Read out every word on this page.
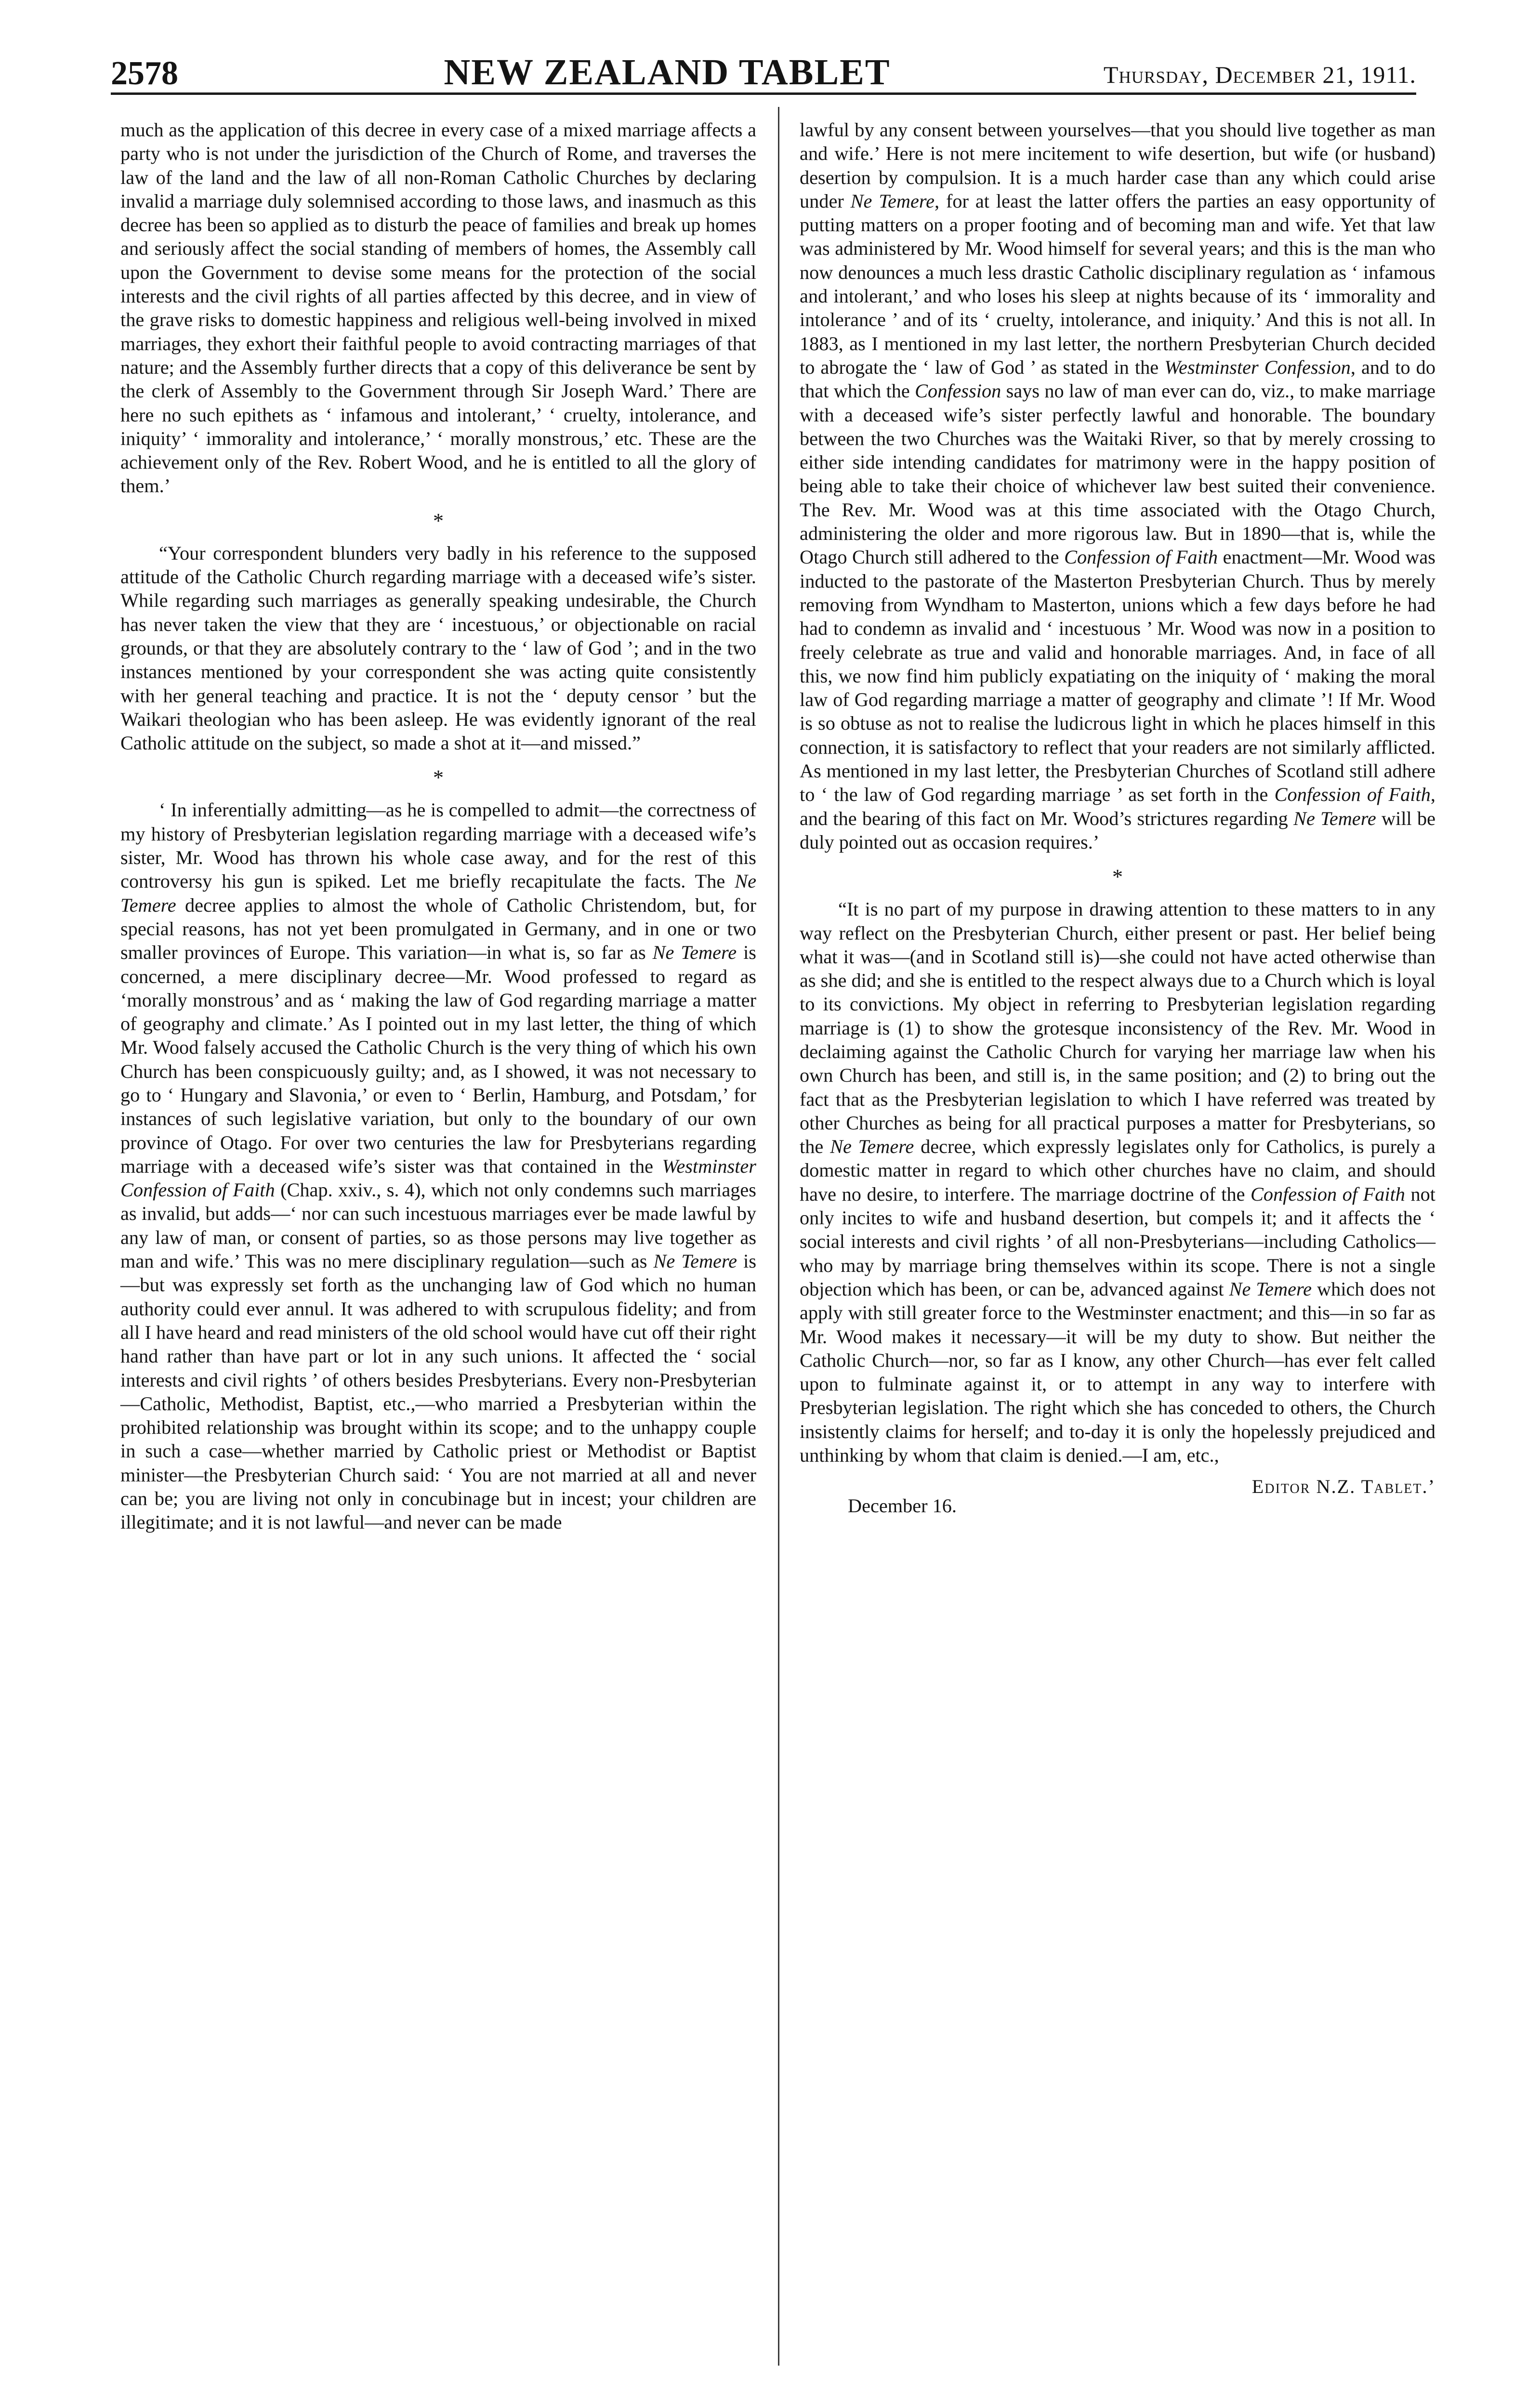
2578	NEW ZEALAND TABLET	Thursday, December 21, 1911.

much as the application of this decree in every case of a mixed marriage affects a party who is not under the jurisdiction of the Church of Rome, and traverses the law of the land and the law of all non-Roman Catholic Churches by declaring invalid a marriage duly solemnised according to those laws, and inasmuch as this decree has been so applied as to disturb the peace of families and break up homes and seriously affect the social standing of members of homes, the Assembly call upon the Government to devise some means for the protection of the social interests and the civil rights of all parties affected by this decree, and in view of the grave risks to domestic happiness and religious well-being involved in mixed marriages, they exhort their faithful people to avoid contracting marriages of that nature; and the Assembly further directs that a copy of this deliverance be sent by the clerk of Assembly to the Government through Sir Joseph Ward.’ There are here no such epithets as ‘ infamous and intolerant,’ ‘ cruelty, intolerance, and iniquity’ ‘ immorality and intolerance,’ ‘ morally monstrous,’ etc. These are the achievement only of the Rev. Robert Wood, and he is entitled to all the glory of them.’

*

“Your correspondent blunders very badly in his reference to the supposed attitude of the Catholic Church regarding marriage with a deceased wife’s sister. While regarding such marriages as generally speaking undesirable, the Church has never taken the view that they are ‘ incestuous,’ or objectionable on racial grounds, or that they are absolutely contrary to the ‘ law of God ’; and in the two instances mentioned by your correspondent she was acting quite consistently with her general teaching and practice. It is not the ‘ deputy censor ’ but the Waikari theologian who has been asleep. He was evidently ignorant of the real Catholic attitude on the subject, so made a shot at it—and missed.”

*

‘ In inferentially admitting—as he is compelled to admit—the correctness of my history of Presbyterian legislation regarding marriage with a deceased wife’s sister, Mr. Wood has thrown his whole case away, and for the rest of this controversy his gun is spiked. Let me briefly recapitulate the facts. The Ne Temere decree applies to almost the whole of Catholic Christendom, but, for special reasons, has not yet been promulgated in Germany, and in one or two smaller provinces of Europe. This variation—in what is, so far as Ne Temere is concerned, a mere disciplinary decree—Mr. Wood professed to regard as ‘morally monstrous’ and as ‘ making the law of God regarding marriage a matter of geography and climate.’ As I pointed out in my last letter, the thing of which Mr. Wood falsely accused the Catholic Church is the very thing of which his own Church has been conspicuously guilty; and, as I showed, it was not necessary to go to ‘ Hungary and Slavonia,’ or even to ‘ Berlin, Hamburg, and Potsdam,’ for instances of such legislative variation, but only to the boundary of our own province of Otago. For over two centuries the law for Presbyterians regarding marriage with a deceased wife’s sister was that contained in the Westminster Confession of Faith (Chap. xxiv., s. 4), which not only condemns such marriages as invalid, but adds—‘ nor can such incestuous marriages ever be made lawful by any law of man, or consent of parties, so as those persons may live together as man and wife.’ This was no mere disciplinary regulation—such as Ne Temere is—but was expressly set forth as the unchanging law of God which no human authority could ever annul. It was adhered to with scrupulous fidelity; and from all I have heard and read ministers of the old school would have cut off their right hand rather than have part or lot in any such unions. It affected the ‘ social interests and civil rights ’ of others besides Presbyterians. Every non-Presbyterian—Catholic, Methodist, Baptist, etc.,—who married a Presbyterian within the prohibited relationship was brought within its scope; and to the unhappy couple in such a case—whether married by Catholic priest or Methodist or Baptist minister—the Presbyterian Church said: ‘ You are not married at all and never can be; you are living not only in concubinage but in incest; your children are illegitimate; and it is not lawful—and never can be made

lawful by any consent between yourselves—that you should live together as man and wife.’ Here is not mere incitement to wife desertion, but wife (or husband) desertion by compulsion. It is a much harder case than any which could arise under Ne Temere, for at least the latter offers the parties an easy opportunity of putting matters on a proper footing and of becoming man and wife. Yet that law was administered by Mr. Wood himself for several years; and this is the man who now denounces a much less drastic Catholic disciplinary regulation as ‘ infamous and intolerant,’ and who loses his sleep at nights because of its ‘ immorality and intolerance ’ and of its ‘ cruelty, intolerance, and iniquity.’ And this is not all. In 1883, as I mentioned in my last letter, the northern Presbyterian Church decided to abrogate the ‘ law of God ’ as stated in the Westminster Confession, and to do that which the Confession says no law of man ever can do, viz., to make marriage with a deceased wife’s sister perfectly lawful and honorable. The boundary between the two Churches was the Waitaki River, so that by merely crossing to either side intending candidates for matrimony were in the happy position of being able to take their choice of whichever law best suited their convenience. The Rev. Mr. Wood was at this time associated with the Otago Church, administering the older and more rigorous law. But in 1890—that is, while the Otago Church still adhered to the Confession of Faith enactment—Mr. Wood was inducted to the pastorate of the Masterton Presbyterian Church. Thus by merely removing from Wyndham to Masterton, unions which a few days before he had had to condemn as invalid and ‘ incestuous ’ Mr. Wood was now in a position to freely celebrate as true and valid and honorable marriages. And, in face of all this, we now find him publicly expatiating on the iniquity of ‘ making the moral law of God regarding marriage a matter of geography and climate ’! If Mr. Wood is so obtuse as not to realise the ludicrous light in which he places himself in this connection, it is satisfactory to reflect that your readers are not similarly afflicted. As mentioned in my last letter, the Presbyterian Churches of Scotland still adhere to ‘ the law of God regarding marriage ’ as set forth in the Confession of Faith, and the bearing of this fact on Mr. Wood’s strictures regarding Ne Temere will be duly pointed out as occasion requires.’

*

“It is no part of my purpose in drawing attention to these matters to in any way reflect on the Presbyterian Church, either present or past. Her belief being what it was—(and in Scotland still is)—she could not have acted otherwise than as she did; and she is entitled to the respect always due to a Church which is loyal to its convictions. My object in referring to Presbyterian legislation regarding marriage is (1) to show the grotesque inconsistency of the Rev. Mr. Wood in declaiming against the Catholic Church for varying her marriage law when his own Church has been, and still is, in the same position; and (2) to bring out the fact that as the Presbyterian legislation to which I have referred was treated by other Churches as being for all practical purposes a matter for Presbyterians, so the Ne Temere decree, which expressly legislates only for Catholics, is purely a domestic matter in regard to which other churches have no claim, and should have no desire, to interfere. The marriage doctrine of the Confession of Faith not only incites to wife and husband desertion, but compels it; and it affects the ‘ social interests and civil rights ’ of all non-Presbyterians—including Catholics—who may by marriage bring themselves within its scope. There is not a single objection which has been, or can be, advanced against Ne Temere which does not apply with still greater force to the Westminster enactment; and this—in so far as Mr. Wood makes it necessary—it will be my duty to show. But neither the Catholic Church—nor, so far as I know, any other Church—has ever felt called upon to fulminate against it, or to attempt in any way to interfere with Presbyterian legislation. The right which she has conceded to others, the Church insistently claims for herself; and to-day it is only the hopelessly prejudiced and unthinking by whom that claim is denied.—I am, etc.,

Editor N.Z. Tablet.’
December 16.
